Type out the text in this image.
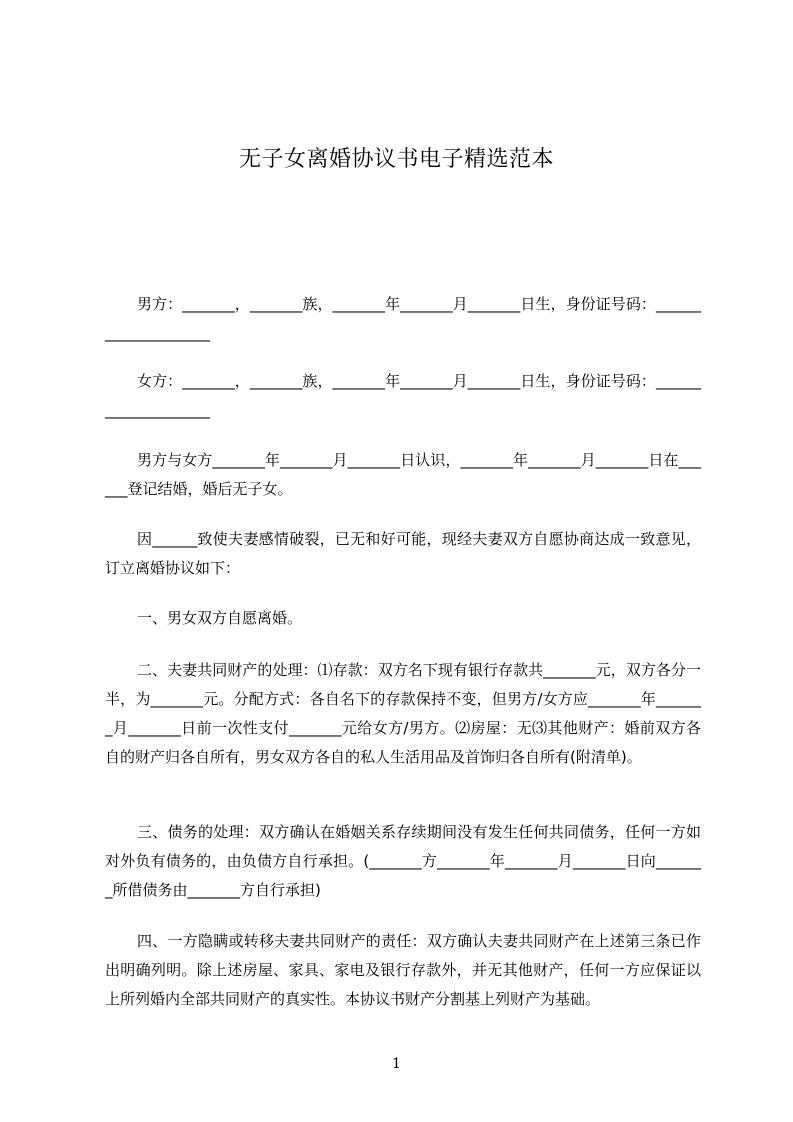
无子女离婚协议书电子精选范本

男方：_______，_______族，_______年_______月_______日生，身份证号码：____________________

女方：_______，_______族，_______年_______月_______日生，身份证号码：____________________

男方与女方_______年_______月_______日认识，_______年_______月_______日在______登记结婚，婚后无子女。

因______致使夫妻感情破裂，已无和好可能，现经夫妻双方自愿协商达成一致意见，订立离婚协议如下：

一、男女双方自愿离婚。

二、夫妻共同财产的处理：⑴存款：双方名下现有银行存款共_______元，双方各分一半，为_______元。分配方式：各自名下的存款保持不变，但男方/女方应_______年_______月_______日前一次性支付_______元给女方/男方。⑵房屋：无⑶其他财产：婚前双方各自的财产归各自所有，男女双方各自的私人生活用品及首饰归各自所有(附清单)。

三、债务的处理：双方确认在婚姻关系存续期间没有发生任何共同债务，任何一方如对外负有债务的，由负债方自行承担。(_______方_______年_______月_______日向_______所借债务由_______方自行承担)

四、一方隐瞒或转移夫妻共同财产的责任：双方确认夫妻共同财产在上述第三条已作出明确列明。除上述房屋、家具、家电及银行存款外，并无其他财产，任何一方应保证以上所列婚内全部共同财产的真实性。本协议书财产分割基上列财产为基础。

1
